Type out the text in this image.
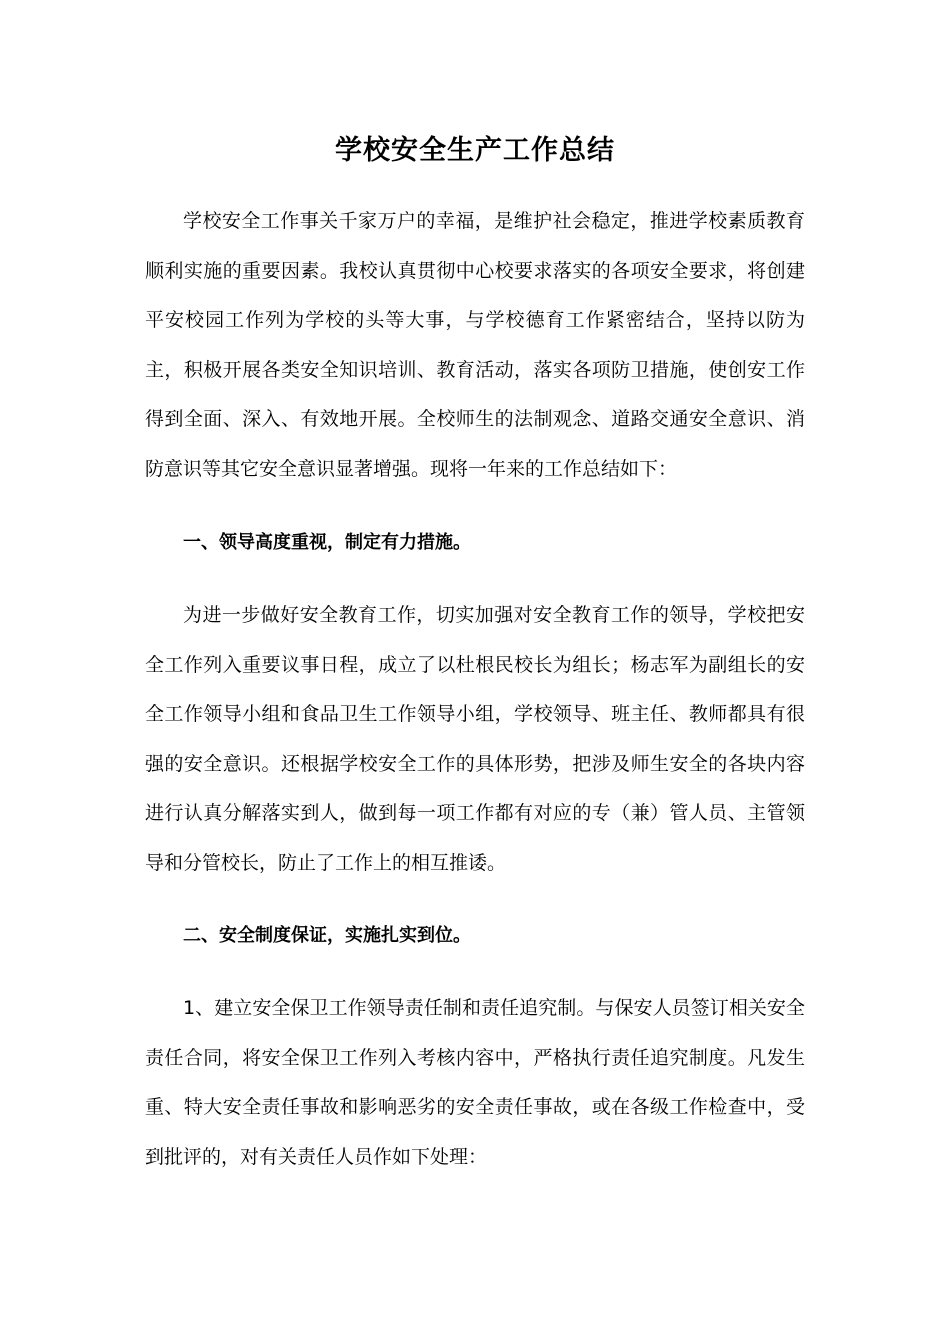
学校安全生产工作总结

学校安全工作事关千家万户的幸福，是维护社会稳定，推进学校素质教育顺利实施的重要因素。我校认真贯彻中心校要求落实的各项安全要求，将创建平安校园工作列为学校的头等大事，与学校德育工作紧密结合，坚持以防为主，积极开展各类安全知识培训、教育活动，落实各项防卫措施，使创安工作得到全面、深入、有效地开展。全校师生的法制观念、道路交通安全意识、消防意识等其它安全意识显著增强。现将一年来的工作总结如下：

一、领导高度重视，制定有力措施。

为进一步做好安全教育工作，切实加强对安全教育工作的领导，学校把安全工作列入重要议事日程，成立了以杜根民校长为组长；杨志军为副组长的安全工作领导小组和食品卫生工作领导小组，学校领导、班主任、教师都具有很强的安全意识。还根据学校安全工作的具体形势，把涉及师生安全的各块内容进行认真分解落实到人，做到每一项工作都有对应的专（兼）管人员、主管领导和分管校长，防止了工作上的相互推诿。

二、安全制度保证，实施扎实到位。

1、建立安全保卫工作领导责任制和责任追究制。与保安人员签订相关安全责任合同，将安全保卫工作列入考核内容中，严格执行责任追究制度。凡发生重、特大安全责任事故和影响恶劣的安全责任事故，或在各级工作检查中，受到批评的，对有关责任人员作如下处理：
